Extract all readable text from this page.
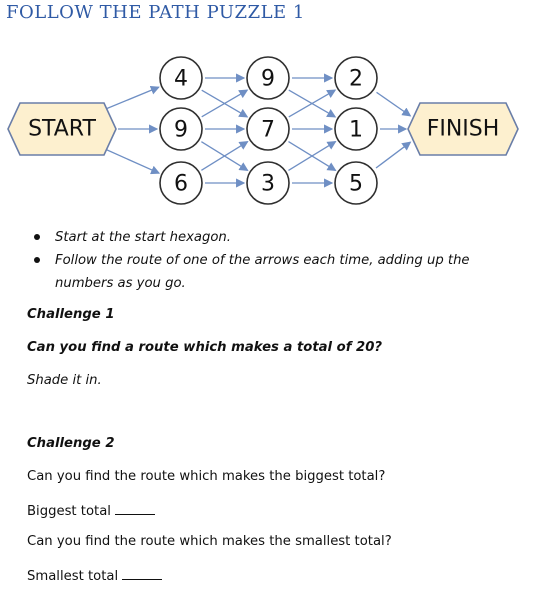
FOLLOW THE PATH PUZZLE 1
START	FINISH
4
9
6
9
7
3
2
1
5
Start at the start hexagon.
Follow the route of one of the arrows each time, adding up the numbers as you go.
Challenge 1
Can you find a route which makes a total of 20?
Shade it in.
Challenge 2
Can you find the route which makes the biggest total?
Biggest total
Can you find the route which makes the smallest total?
Smallest total
